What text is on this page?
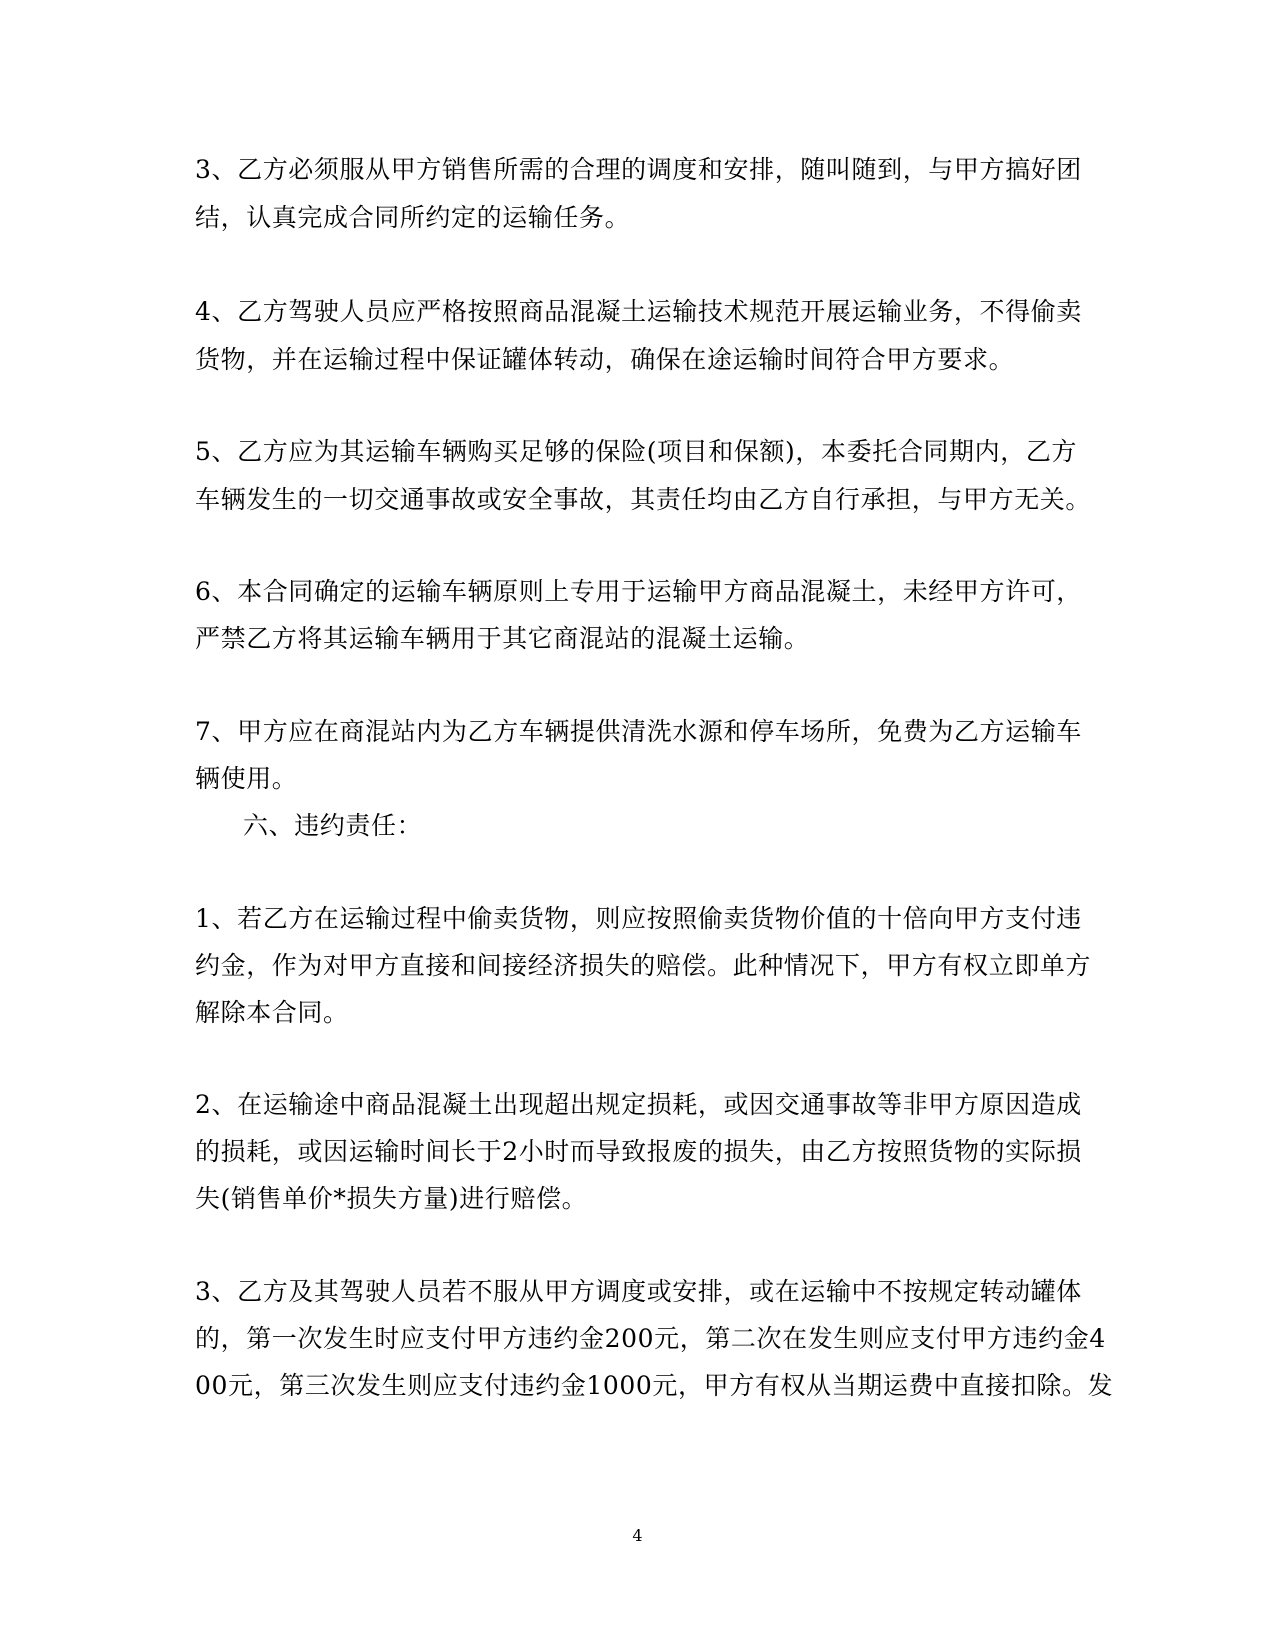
3、乙方必须服从甲方销售所需的合理的调度和安排，随叫随到，与甲方搞好团
结，认真完成合同所约定的运输任务。
4、乙方驾驶人员应严格按照商品混凝土运输技术规范开展运输业务，不得偷卖
货物，并在运输过程中保证罐体转动，确保在途运输时间符合甲方要求。
5、乙方应为其运输车辆购买足够的保险(项目和保额)，本委托合同期内，乙方
车辆发生的一切交通事故或安全事故，其责任均由乙方自行承担，与甲方无关。
6、本合同确定的运输车辆原则上专用于运输甲方商品混凝土，未经甲方许可，
严禁乙方将其运输车辆用于其它商混站的混凝土运输。
7、甲方应在商混站内为乙方车辆提供清洗水源和停车场所，免费为乙方运输车
辆使用。
六、违约责任：
1、若乙方在运输过程中偷卖货物，则应按照偷卖货物价值的十倍向甲方支付违
约金，作为对甲方直接和间接经济损失的赔偿。此种情况下，甲方有权立即单方
解除本合同。
2、在运输途中商品混凝土出现超出规定损耗，或因交通事故等非甲方原因造成
的损耗，或因运输时间长于2小时而导致报废的损失，由乙方按照货物的实际损
失(销售单价*损失方量)进行赔偿。
3、乙方及其驾驶人员若不服从甲方调度或安排，或在运输中不按规定转动罐体
的，第一次发生时应支付甲方违约金200元，第二次在发生则应支付甲方违约金4
00元，第三次发生则应支付违约金1000元，甲方有权从当期运费中直接扣除。发
4
